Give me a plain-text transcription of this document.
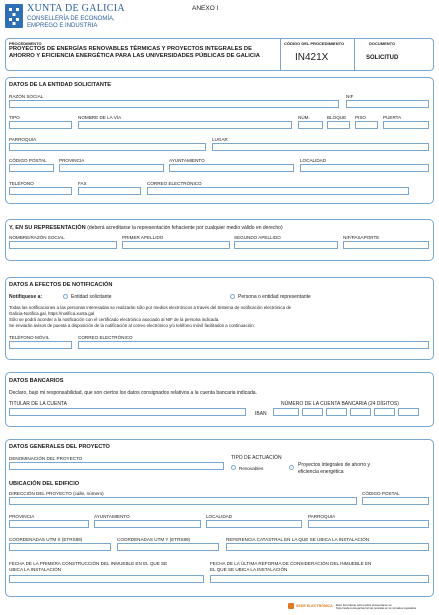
XUNTA DE GALICIA
CONSELLERÍA DE ECONOMÍA,
EMPREGO E INDUSTRIA
ANEXO I
PROCEDIMENTO
PROYECTOS DE ENERGÍAS RENOVABLES TÉRMICAS Y PROYECTOS INTEGRALES DE AHORRO Y EFICIENCIA ENERGÉTICA PARA LAS UNIVERSIDADES PÚBLICAS DE GALICIA
CÓDIGO DEL PROCEDIMIENTO
IN421X
DOCUMENTO
SOLICITUD
DATOS DE LA ENTIDAD SOLICITANTE
RAZÓN SOCIAL	NIF
TIPO	NOMBRE DE LA VÍA	NÚM.	BLOQUE PISO	PUERTA
PARROQUIA	LUGAR
CÓDIGO POSTAL	PROVINCIA	AYUNTAMIENTO	LOCALIDAD
TELÉFONO	FAX	CORREO ELECTRÓNICO
Y, EN SU REPRESENTACIÓN (deberá acreditarse la representación fehaciente por cualquier medio válido en derecho)
NOMBRE/RAZÓN SOCIAL	PRIMER APELLIDO	SEGUNDO APELLIDO	NIF/PASAPORTE
DATOS A EFECTOS DE NOTIFICACIÓN
Notifíquese a:	Entidad solicitante	Persona o entidad representante
Todas las notificaciones a las personas interesadas se realizarán sólo por medios electrónicos a través del Sistema de notificación electrónica de
Galicia-Notifica.gal, https://notifica.xunta.gal
Sólo se podrá acceder a la notificación con el certificado electrónico asociado al NIF de la persona indicada.
Se enviarán avisos de puesta a disposición de la notificación al correo electrónico y/o teléfono móvil facilitados a continuación:
TELÉFONO MÓVIL	CORREO ELECTRÓNICO
DATOS BANCARIOS
Declaro, bajo mi responsabilidad, que son ciertos los datos consignados relativos a la cuenta bancaria indicada.
TITULAR DE LA CUENTA	NÚMERO DE LA CUENTA BANCARIA (24 DÍGITOS)
IBAN
DATOS GENERALES DEL PROYECTO
DENOMINACIÓN DEL PROYECTO	TIPO DE ACTUACIÓN
Renovables
Proyectos integrales de ahorro y
eficiencia energética
UBICACIÓN DEL EDIFICIO
DIRECCIÓN DEL PROYECTO (calle, número)	CÓDIGO POSTAL
PROVINCIA	AYUNTAMIENTO	LOCALIDAD	PARROQUIA
COORDENADAS UTM X (ETRS89)	COORDENADAS UTM Y (ETRS89)	REFERENCIA CATASTRAL EN LA QUE SE UBICA LA INSTALACIÓN
FECHA DE LA PRIMERA CONSTRUCCIÓN DEL INMUEBLE EN EL QUE SE
UBICA LA INSTALACIÓN
FECHA DE LA ÚLTIMA REFORMA DE CONSIDERACIÓN DEL INMUEBLE EN
EL QUE SE UBICA LA INSTALACIÓN
SEDE ELECTRÓNICA Este formulario sólo podrá presentarse en
https://sede.xunta.gal las formas previstas en la normativa reguladora
